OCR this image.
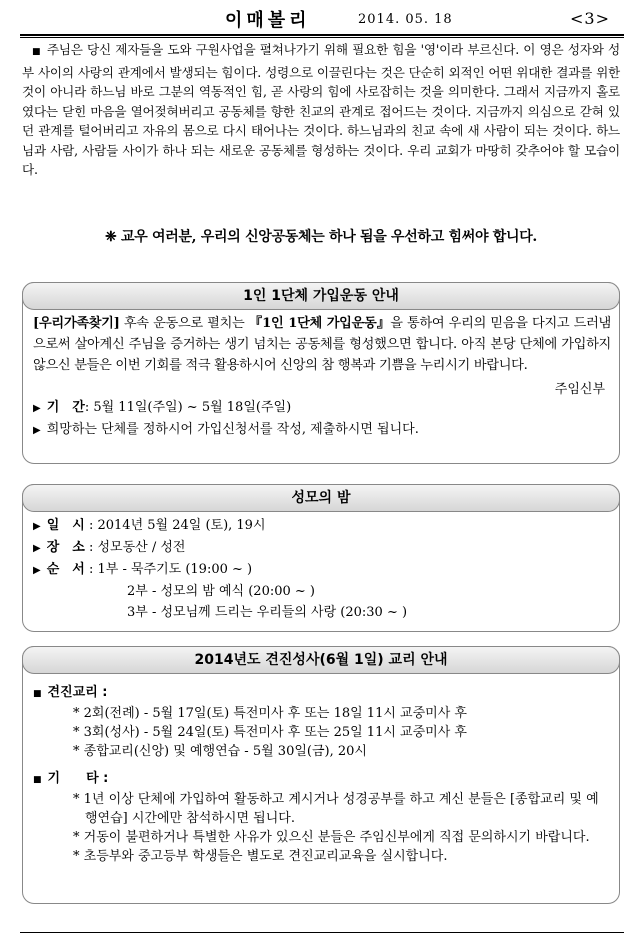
이매볼리	2014. 05. 18	<3>
■ 주님은 당신 제자들을 도와 구원사업을 펼쳐나가기 위해 필요한 힘을 '영'이라 부르신다. 이 영은 성자와 성부 사이의 사랑의 관계에서 발생되는 힘이다. 성령으로 이끌린다는 것은 단순히 외적인 어떤 위대한 결과를 위한 것이 아니라 하느님 바로 그분의 역동적인 힘, 곧 사랑의 힘에 사로잡히는 것을 의미한다. 그래서 지금까지 홀로였다는 닫힌 마음을 열어젖혀버리고 공동체를 향한 친교의 관계로 접어드는 것이다. 지금까지 의심으로 갇혀 있던 관계를 털어버리고 자유의 몸으로 다시 태어나는 것이다. 하느님과의 친교 속에 새 사람이 되는 것이다. 하느님과 사람, 사람들 사이가 하나 되는 새로운 공동체를 형성하는 것이다. 우리 교회가 마땅히 갖추어야 할 모습이다.
❈ 교우 여러분, 우리의 신앙공동체는 하나 됨을 우선하고 힘써야 합니다.
1인 1단체 가입운동 안내
[우리가족찾기] 후속 운동으로 펼치는 『1인 1단체 가입운동』을 통하여 우리의 믿음을 다지고 드러냄으로써 살아계신 주님을 증거하는 생기 넘치는 공동체를 형성했으면 합니다. 아직 본당 단체에 가입하지 않으신 분들은 이번 기회를 적극 활용하시어 신앙의 참 행복과 기쁨을 누리시기 바랍니다.
주임신부
▶ 기　간: 5월 11일(주일) ~ 5월 18일(주일)
▶ 희망하는 단체를 정하시어 가입신청서를 작성, 제출하시면 됩니다.
성모의 밤
▶ 일　시 : 2014년 5월 24일 (토), 19시
▶ 장　소 : 성모동산 / 성전
▶ 순　서 : 1부 - 묵주기도 (19:00 ~ )
2부 - 성모의 밤 예식 (20:00 ~ )
3부 - 성모님께 드리는 우리들의 사랑 (20:30 ~ )
2014년도 견진성사(6월 1일) 교리 안내
■ 견진교리 :
* 2회(전례) - 5월 17일(토) 특전미사 후 또는 18일 11시 교중미사 후
* 3회(성사) - 5월 24일(토) 특전미사 후 또는 25일 11시 교중미사 후
* 종합교리(신앙) 및 예행연습 - 5월 30일(금), 20시
■ 기　　타 :
* 1년 이상 단체에 가입하여 활동하고 계시거나 성경공부를 하고 계신 분들은 [종합교리 및 예행연습] 시간에만 참석하시면 됩니다.
* 거동이 불편하거나 특별한 사유가 있으신 분들은 주임신부에게 직접 문의하시기 바랍니다.
* 초등부와 중고등부 학생들은 별도로 견진교리교육을 실시합니다.
